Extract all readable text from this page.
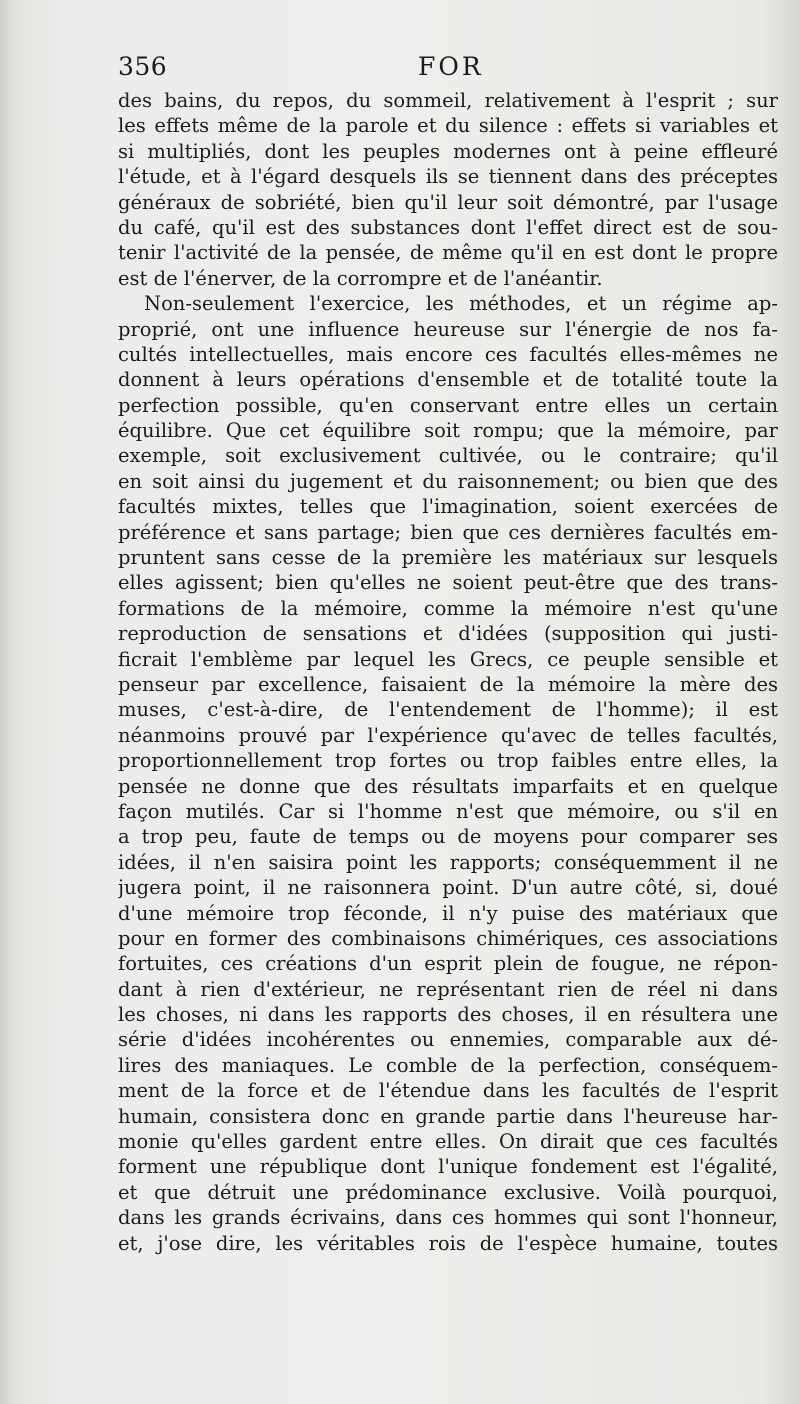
356	FOR
des bains, du repos, du sommeil, relativement à l'esprit ; sur
les effets même de la parole et du silence : effets si variables et
si multipliés, dont les peuples modernes ont à peine effleuré
l'étude, et à l'égard desquels ils se tiennent dans des préceptes
généraux de sobriété, bien qu'il leur soit démontré, par l'usage
du café, qu'il est des substances dont l'effet direct est de sou-
tenir l'activité de la pensée, de même qu'il en est dont le propre
est de l'énerver, de la corrompre et de l'anéantir.
Non-seulement l'exercice, les méthodes, et un régime ap-
proprié, ont une influence heureuse sur l'énergie de nos fa-
cultés intellectuelles, mais encore ces facultés elles-mêmes ne
donnent à leurs opérations d'ensemble et de totalité toute la
perfection possible, qu'en conservant entre elles un certain
équilibre. Que cet équilibre soit rompu; que la mémoire, par
exemple, soit exclusivement cultivée, ou le contraire; qu'il
en soit ainsi du jugement et du raisonnement; ou bien que des
facultés mixtes, telles que l'imagination, soient exercées de
préférence et sans partage; bien que ces dernières facultés em-
pruntent sans cesse de la première les matériaux sur lesquels
elles agissent; bien qu'elles ne soient peut-être que des trans-
formations de la mémoire, comme la mémoire n'est qu'une
reproduction de sensations et d'idées (supposition qui justi-
ficrait l'emblème par lequel les Grecs, ce peuple sensible et
penseur par excellence, faisaient de la mémoire la mère des
muses, c'est-à-dire, de l'entendement de l'homme); il est
néanmoins prouvé par l'expérience qu'avec de telles facultés,
proportionnellement trop fortes ou trop faibles entre elles, la
pensée ne donne que des résultats imparfaits et en quelque
façon mutilés. Car si l'homme n'est que mémoire, ou s'il en
a trop peu, faute de temps ou de moyens pour comparer ses
idées, il n'en saisira point les rapports; conséquemment il ne
jugera point, il ne raisonnera point. D'un autre côté, si, doué
d'une mémoire trop féconde, il n'y puise des matériaux que
pour en former des combinaisons chimériques, ces associations
fortuites, ces créations d'un esprit plein de fougue, ne répon-
dant à rien d'extérieur, ne représentant rien de réel ni dans
les choses, ni dans les rapports des choses, il en résultera une
série d'idées incohérentes ou ennemies, comparable aux dé-
lires des maniaques. Le comble de la perfection, conséquem-
ment de la force et de l'étendue dans les facultés de l'esprit
humain, consistera donc en grande partie dans l'heureuse har-
monie qu'elles gardent entre elles. On dirait que ces facultés
forment une république dont l'unique fondement est l'égalité,
et que détruit une prédominance exclusive. Voilà pourquoi,
dans les grands écrivains, dans ces hommes qui sont l'honneur,
et, j'ose dire, les véritables rois de l'espèce humaine, toutes
